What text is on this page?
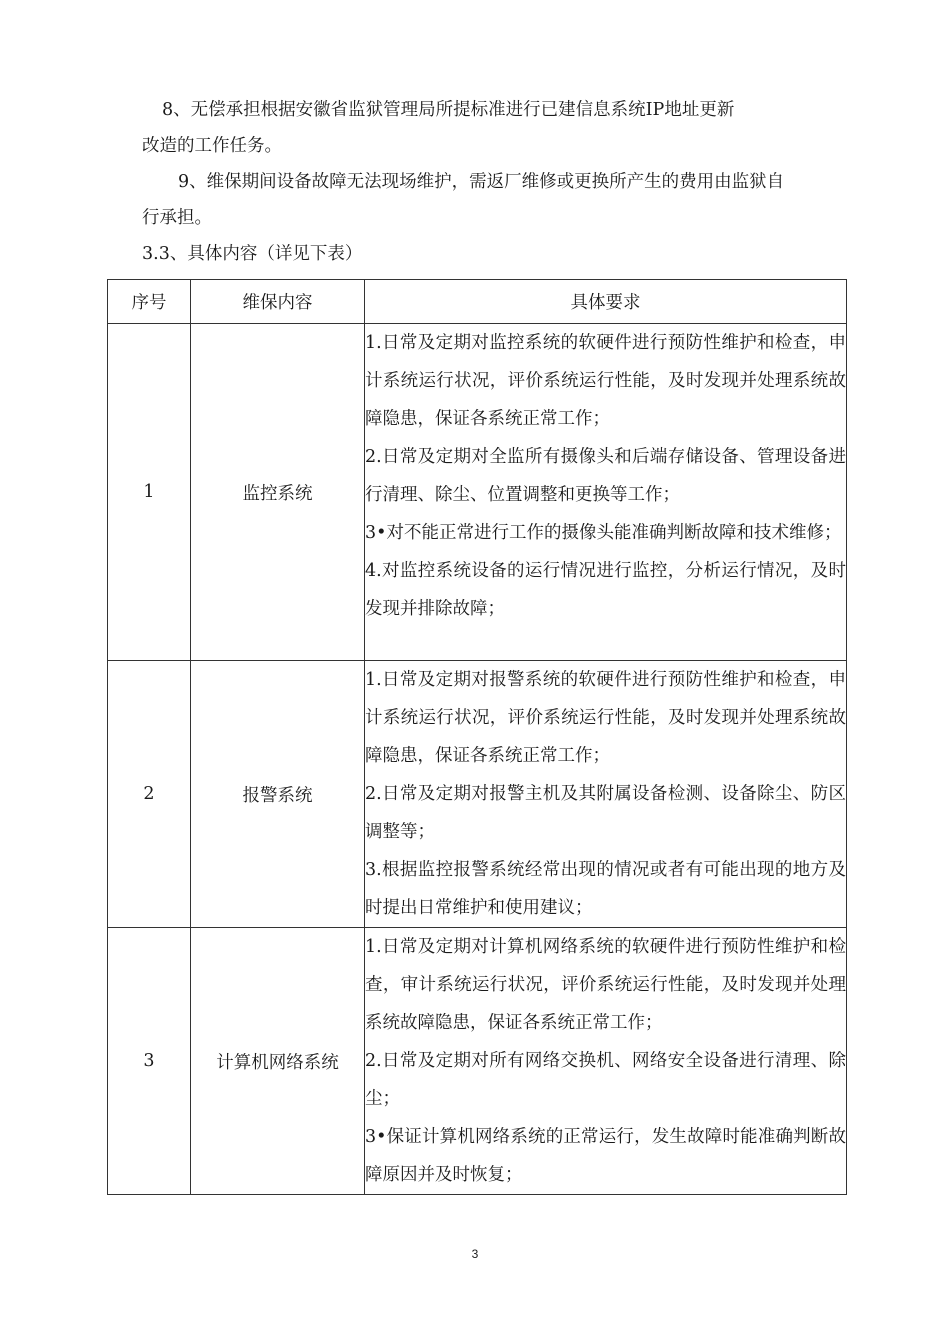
8、无偿承担根据安徽省监狱管理局所提标准进行已建信息系统IP地址更新
改造的工作任务。
9、维保期间设备故障无法现场维护，需返厂维修或更换所产生的费用由监狱自
行承担。
3.3、具体内容（详见下表）
序号	维保内容	具体要求
1	监控系统	1.日常及定期对监控系统的软硬件进行预防性维护和检查，申计系统运行状况，评价系统运行性能，及时发现并处理系统故障隐患，保证各系统正常工作；
2.日常及定期对全监所有摄像头和后端存储设备、管理设备进行清理、除尘、位置调整和更换等工作；
3•对不能正常进行工作的摄像头能准确判断故障和技术维修；
4.对监控系统设备的运行情况进行监控，分析运行情况，及时发现并排除故障；

2	报警系统	1.日常及定期对报警系统的软硬件进行预防性维护和检查，申计系统运行状况，评价系统运行性能，及时发现并处理系统故障隐患，保证各系统正常工作；
2.日常及定期对报警主机及其附属设备检测、设备除尘、防区调整等；
3.根据监控报警系统经常出现的情况或者有可能出现的地方及时提出日常维护和使用建议；

3	计算机网络系统	1.日常及定期对计算机网络系统的软硬件进行预防性维护和检查，审计系统运行状况，评价系统运行性能，及时发现并处理系统故障隐患，保证各系统正常工作；
2.日常及定期对所有网络交换机、网络安全设备进行清理、除尘；
3•保证计算机网络系统的正常运行，发生故障时能准确判断故障原因并及时恢复；
3
